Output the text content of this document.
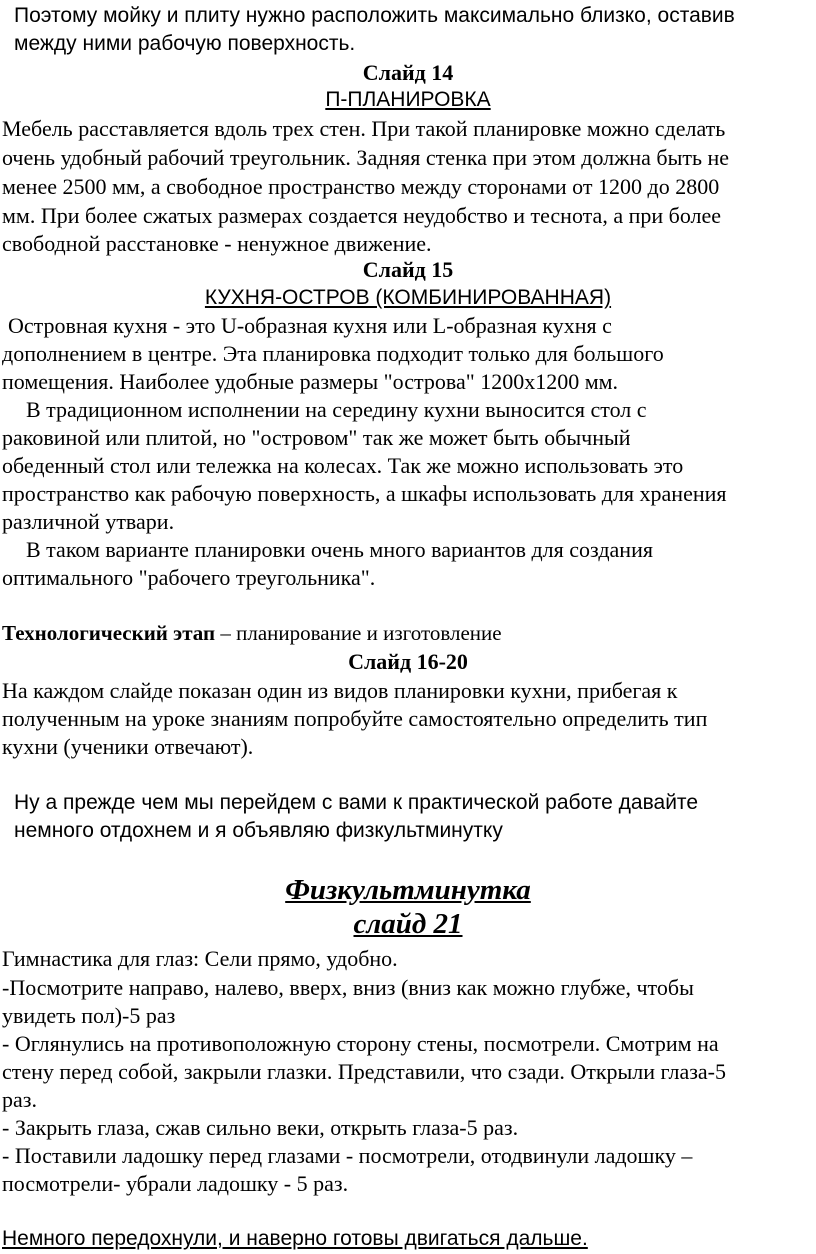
Поэтому мойку и плиту нужно расположить максимально близко, оставив
между ними рабочую поверхность.
Слайд 14
П-ПЛАНИРОВКА
Мебель расставляется вдоль трех стен. При такой планировке можно сделать
очень удобный рабочий треугольник. Задняя стенка при этом должна быть не
менее 2500 мм, а свободное пространство между сторонами от 1200 до 2800
мм. При более сжатых размерах создается неудобство и теснота, а при более
свободной расстановке - ненужное движение.
Слайд 15
КУХНЯ-ОСТРОВ (КОМБИНИРОВАННАЯ)
Островная кухня - это U-образная кухня или L-образная кухня с
дополнением в центре. Эта планировка подходит только для большого
помещения. Наиболее удобные размеры "острова" 1200х1200 мм.
В традиционном исполнении на середину кухни выносится стол с
раковиной или плитой, но "островом" так же может быть обычный
обеденный стол или тележка на колесах. Так же можно использовать это
пространство как рабочую поверхность, а шкафы использовать для хранения
различной утвари.
В таком варианте планировки очень много вариантов для создания
оптимального "рабочего треугольника".
Технологический этап – планирование и изготовление
Слайд 16-20
На каждом слайде показан один из видов планировки кухни, прибегая к
полученным на уроке знаниям попробуйте самостоятельно определить тип
кухни (ученики отвечают).
Ну а прежде чем мы перейдем с вами к практической работе давайте
немного отдохнем и я объявляю физкультминутку
Физкультминутка
слайд 21
Гимнастика для глаз: Сели прямо, удобно.
-Посмотрите направо, налево, вверх, вниз (вниз как можно глубже, чтобы
увидеть пол)-5 раз
- Оглянулись на противоположную сторону стены, посмотрели. Смотрим на
стену перед собой, закрыли глазки. Представили, что сзади. Открыли глаза-5
раз.
- Закрыть глаза, сжав сильно веки, открыть глаза-5 раз.
- Поставили ладошку перед глазами - посмотрели, отодвинули ладошку –
посмотрели- убрали ладошку - 5 раз.
Немного передохнули, и наверно готовы двигаться дальше.
